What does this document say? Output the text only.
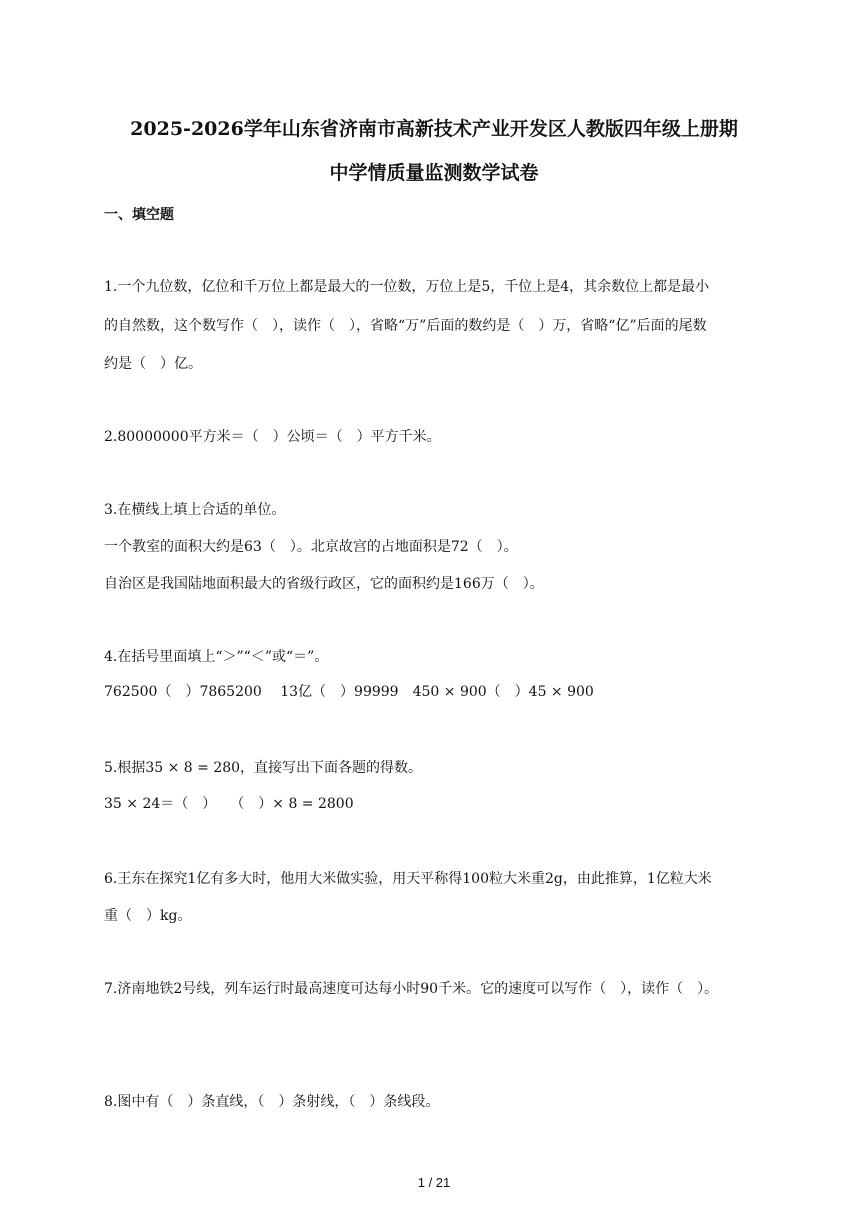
2025-2026学年山东省济南市高新技术产业开发区人教版四年级上册期
中学情质量监测数学试卷
一、填空题
1.一个九位数，亿位和千万位上都是最大的一位数，万位上是5，千位上是4，其余数位上都是最小
的自然数，这个数写作（　），读作（　），省略“万”后面的数约是（　）万，省略“亿”后面的尾数
约是（　）亿。
2.80000000平方米＝（　）公顷＝（　）平方千米。
3.在横线上填上合适的单位。
一个教室的面积大约是63（　）。北京故宫的占地面积是72（　）。
自治区是我国陆地面积最大的省级行政区，它的面积约是166万（　）。
4.在括号里面填上“＞”“＜”或“＝”。
762500（　）7865200　 13亿（　）99999　450 × 900（　）45 × 900
5.根据35 × 8 = 280，直接写出下面各题的得数。
35 × 24＝（　）　　（　）× 8 = 2800
6.王东在探究1亿有多大时，他用大米做实验，用天平称得100粒大米重2g，由此推算，1亿粒大米
重（　）kg。
7.济南地铁2号线，列车运行时最高速度可达每小时90千米。它的速度可以写作（　），读作（　）。
8.图中有（　）条直线，（　）条射线，（　）条线段。
1 / 21
